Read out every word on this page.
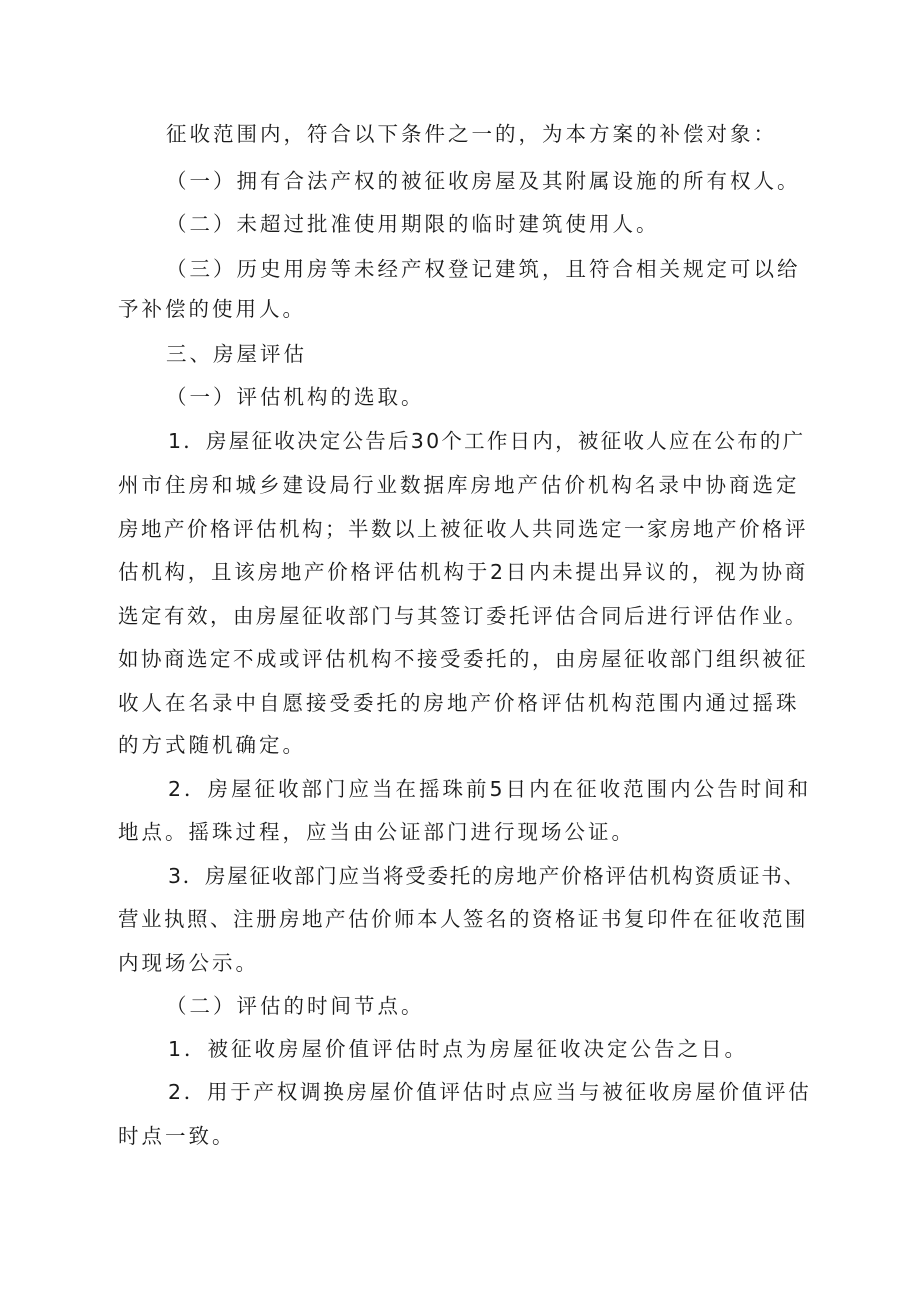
征收范围内，符合以下条件之一的，为本方案的补偿对象：
（一）拥有合法产权的被征收房屋及其附属设施的所有权人。
（二）未超过批准使用期限的临时建筑使用人。
（三）历史用房等未经产权登记建筑，且符合相关规定可以给
予补偿的使用人。
三、房屋评估
（一）评估机构的选取。
1．房屋征收决定公告后30个工作日内，被征收人应在公布的广
州市住房和城乡建设局行业数据库房地产估价机构名录中协商选定
房地产价格评估机构；半数以上被征收人共同选定一家房地产价格评
估机构，且该房地产价格评估机构于2日内未提出异议的，视为协商
选定有效，由房屋征收部门与其签订委托评估合同后进行评估作业。
如协商选定不成或评估机构不接受委托的，由房屋征收部门组织被征
收人在名录中自愿接受委托的房地产价格评估机构范围内通过摇珠
的方式随机确定。
2．房屋征收部门应当在摇珠前5日内在征收范围内公告时间和
地点。摇珠过程，应当由公证部门进行现场公证。
3．房屋征收部门应当将受委托的房地产价格评估机构资质证书、
营业执照、注册房地产估价师本人签名的资格证书复印件在征收范围
内现场公示。
（二）评估的时间节点。
1．被征收房屋价值评估时点为房屋征收决定公告之日。
2．用于产权调换房屋价值评估时点应当与被征收房屋价值评估
时点一致。
